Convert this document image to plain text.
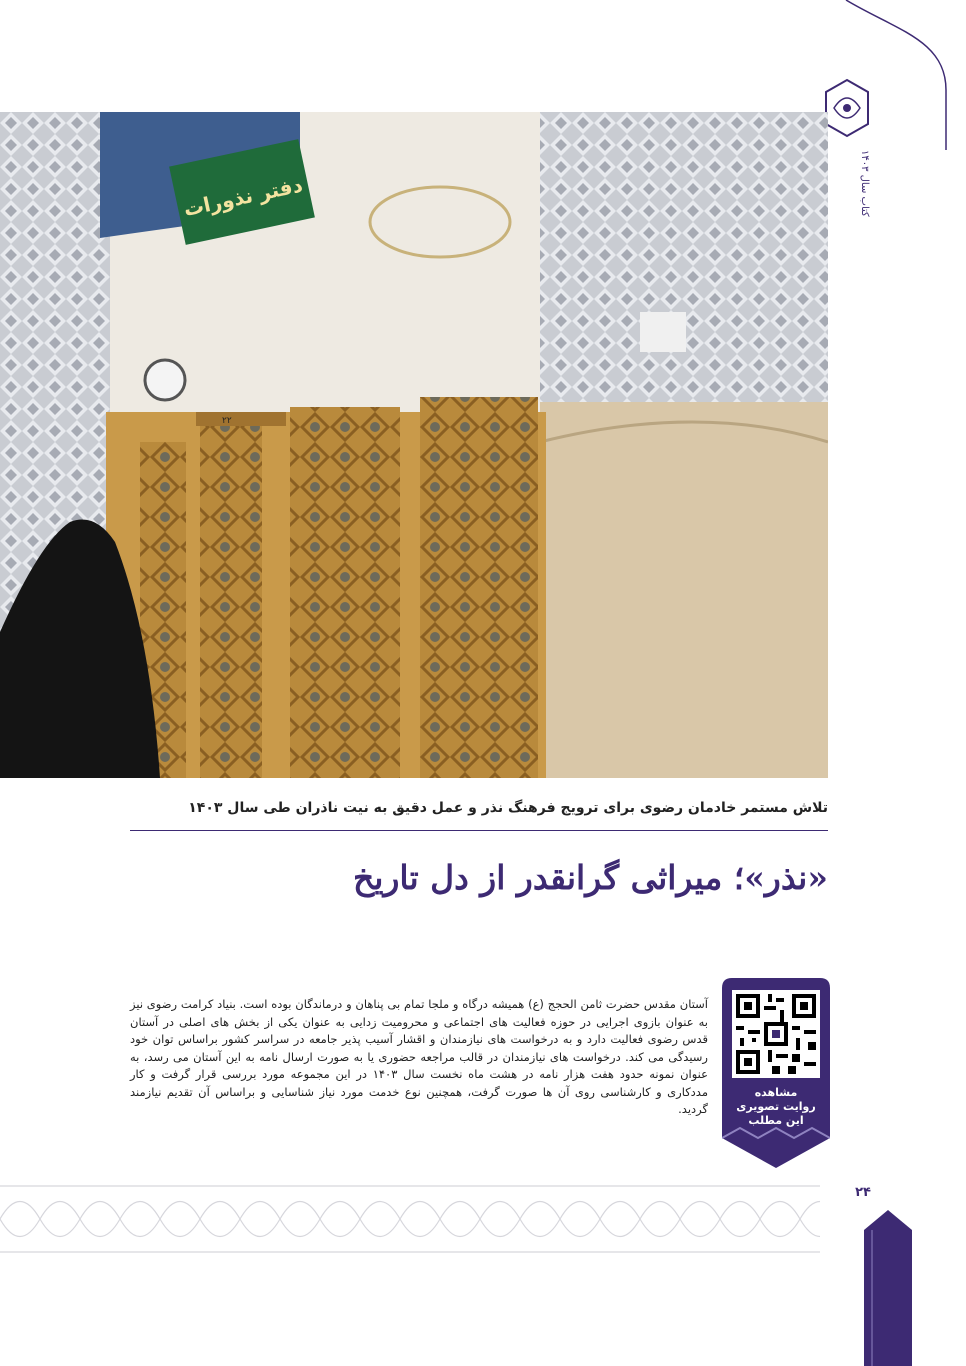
کتاب سال ۱۴۰۳
دفتر نذورات
۲۲
تلاش مستمر خادمان رضوی برای ترویج فرهنگ نذر و عمل دقیق به نیت ناذران طی سال ۱۴۰۳
«نذر»؛ میراثی گرانقدر از دل تاریخ
مشاهده
روایت تصویری
این مطلب
آستان مقدس حضرت ثامن الحجج (ع) همیشه درگاه و ملجا تمام بی پناهان و درماندگان بوده است. بنیاد کرامت رضوی نیز به عنوان بازوی اجرایی در حوزه فعالیت های اجتماعی و محرومیت زدایی به عنوان یکی از بخش های اصلی در آستان قدس رضوی فعالیت دارد و به درخواست های نیازمندان و اقشار آسیب پذیر جامعه در سراسر کشور براساس توان خود رسیدگی می کند. درخواست های نیازمندان در قالب مراجعه حضوری یا به صورت ارسال نامه به این آستان می رسد، به عنوان نمونه حدود هفت هزار نامه در هشت ماه نخست سال ۱۴۰۳ در این مجموعه مورد بررسی قرار گرفت و کار مددکاری و کارشناسی روی آن ها صورت گرفت، همچنین نوع خدمت مورد نیاز شناسایی و براساس آن تقدیم نیازمند گردید.
۲۴
